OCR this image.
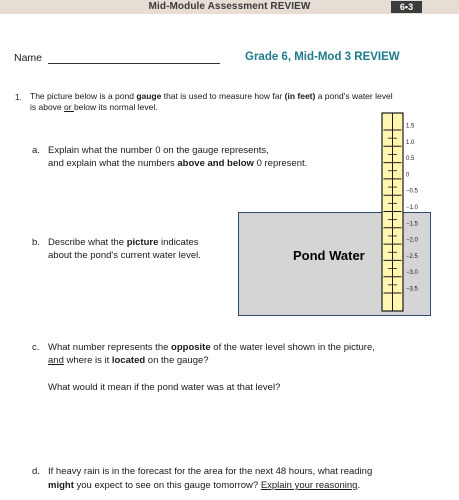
Mid-Module Assessment REVIEW	6•3
Name	Grade 6, Mid-Mod 3 REVIEW
1. The picture below is a pond gauge that is used to measure how far (in feet) a pond's water level
is above or below its normal level.
a. Explain what the number 0 on the gauge represents,
and explain what the numbers above and below 0 represent.
b. Describe what the picture indicates
about the pond's current water level.	Pond Water
1.5
1.0
0.5
0
−0.5
−1.0
−1.5
−2.0
−2.5
−3.0
−3.5
c. What number represents the opposite of the water level shown in the picture,
and where is it located on the gauge?
What would it mean if the pond water was at that level?
d. If heavy rain is in the forecast for the area for the next 48 hours, what reading
might you expect to see on this gauge tomorrow? Explain your reasoning.
